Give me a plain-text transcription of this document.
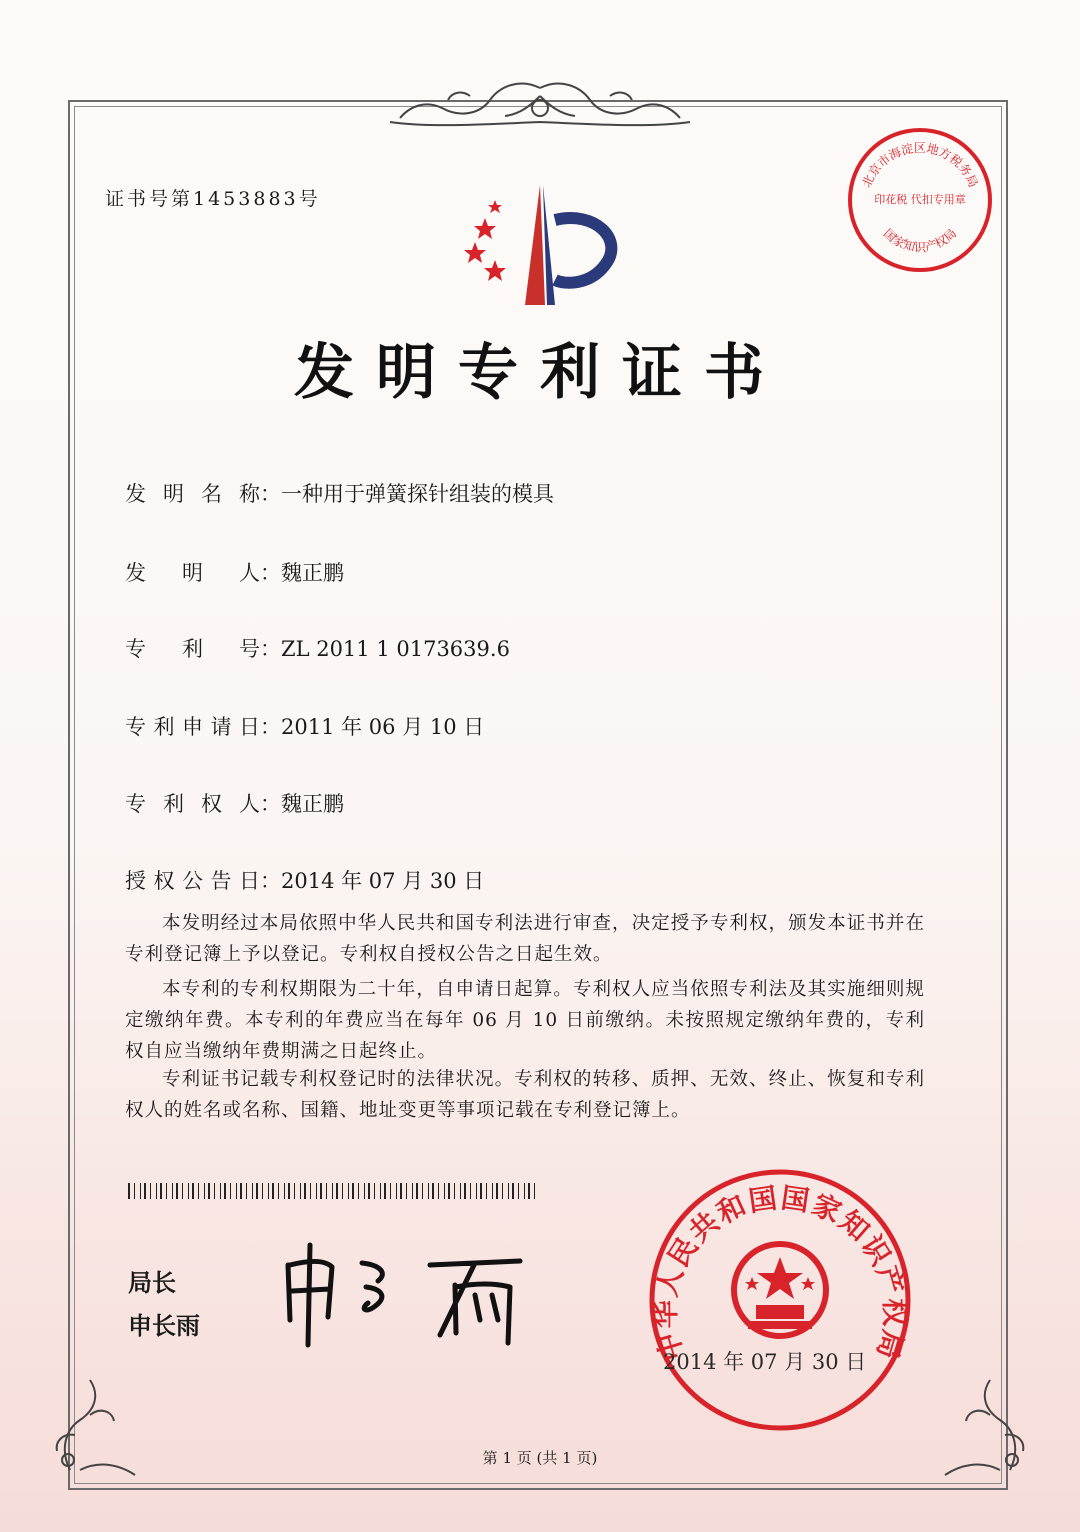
证书号第1453883号
北京市海淀区地方税务局
国家知识产权局
印花税 代扣专用章
发明专利证书
发明名称：一种用于弹簧探针组装的模具
发明人：魏正鹏
专利号：ZL 2011 1 0173639.6
专利申请日：2011 年 06 月 10 日
专利权人：魏正鹏
授权公告日：2014 年 07 月 30 日
本发明经过本局依照中华人民共和国专利法进行审查，决定授予专利权，颁发本证书并在专利登记簿上予以登记。专利权自授权公告之日起生效。
本专利的专利权期限为二十年，自申请日起算。专利权人应当依照专利法及其实施细则规定缴纳年费。本专利的年费应当在每年 06 月 10 日前缴纳。未按照规定缴纳年费的，专利权自应当缴纳年费期满之日起终止。
专利证书记载专利权登记时的法律状况。专利权的转移、质押、无效、终止、恢复和专利权人的姓名或名称、国籍、地址变更等事项记载在专利登记簿上。
局长
申长雨
中华人民共和国国家知识产权局
2014 年 07 月 30 日
第 1 页 (共 1 页)
